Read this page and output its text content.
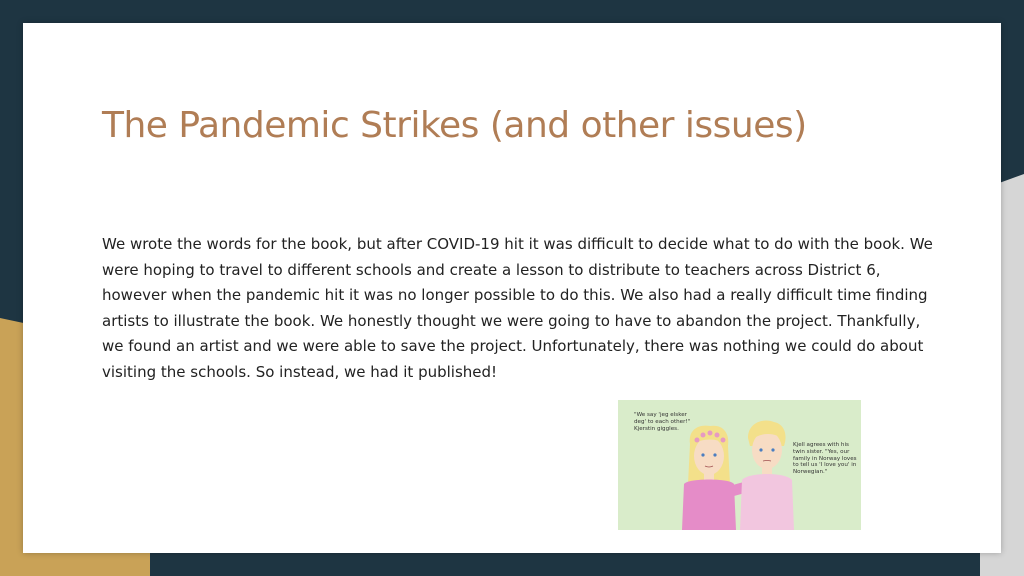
The Pandemic Strikes (and other issues)

We wrote the words for the book, but after COVID-19 hit it was difficult to decide what to do with the book. We were hoping to travel to different schools and create a lesson to distribute to teachers across District 6, however when the pandemic hit it was no longer possible to do this. We also had a really difficult time finding artists to illustrate the book. We honestly thought we were going to have to abandon the project. Thankfully, we found an artist and we were able to save the project. Unfortunately, there was nothing we could do about visiting the schools. So instead, we had it published!

"We say 'jeg elsker deg' to each other!" Kjerstin giggles.

Kjell agrees with his twin sister. "Yes, our family in Norway loves to tell us 'I love you' in Norwegian."
